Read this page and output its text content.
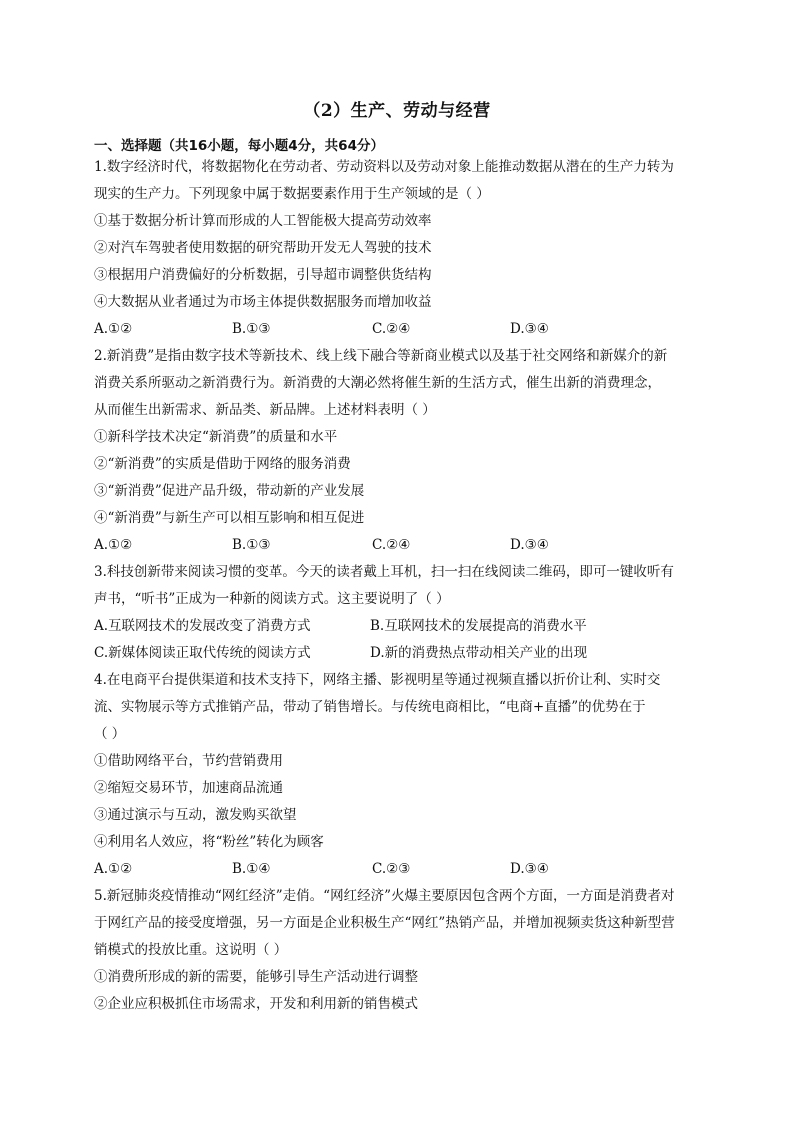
（2）生产、劳动与经营
一、选择题（共16小题，每小题4分，共64分）
1.数字经济时代，将数据物化在劳动者、劳动资料以及劳动对象上能推动数据从潜在的生产力转为
现实的生产力。下列现象中属于数据要素作用于生产领域的是（ ）
①基于数据分析计算而形成的人工智能极大提高劳动效率
②对汽车驾驶者使用数据的研究帮助开发无人驾驶的技术
③根据用户消费偏好的分析数据，引导超市调整供货结构
④大数据从业者通过为市场主体提供数据服务而增加收益
A.①②	B.①③	C.②④	D.③④
2.新消费”是指由数字技术等新技术、线上线下融合等新商业模式以及基于社交网络和新媒介的新
消费关系所驱动之新消费行为。新消费的大潮必然将催生新的生活方式，催生出新的消费理念，
从而催生出新需求、新品类、新品牌。上述材料表明（ ）
①新科学技术决定“新消费”的质量和水平
②“新消费”的实质是借助于网络的服务消费
③“新消费”促进产品升级，带动新的产业发展
④“新消费”与新生产可以相互影响和相互促进
A.①②	B.①③	C.②④	D.③④
3.科技创新带来阅读习惯的变革。今天的读者戴上耳机，扫一扫在线阅读二维码，即可一键收听有
声书，“听书”正成为一种新的阅读方式。这主要说明了（ ）
A.互联网技术的发展改变了消费方式	B.互联网技术的发展提高的消费水平
C.新媒体阅读正取代传统的阅读方式	D.新的消费热点带动相关产业的出现
4.在电商平台提供渠道和技术支持下，网络主播、影视明星等通过视频直播以折价让利、实时交
流、实物展示等方式推销产品，带动了销售增长。与传统电商相比，“电商+直播”的优势在于
（ ）
①借助网络平台，节约营销费用
②缩短交易环节，加速商品流通
③通过演示与互动，激发购买欲望
④利用名人效应，将“粉丝”转化为顾客
A.①②	B.①④	C.②③	D.③④
5.新冠肺炎疫情推动“网红经济”走俏。“网红经济”火爆主要原因包含两个方面，一方面是消费者对
于网红产品的接受度增强，另一方面是企业积极生产“网红”热销产品，并增加视频卖货这种新型营
销模式的投放比重。这说明（ ）
①消费所形成的新的需要，能够引导生产活动进行调整
②企业应积极抓住市场需求，开发和利用新的销售模式
